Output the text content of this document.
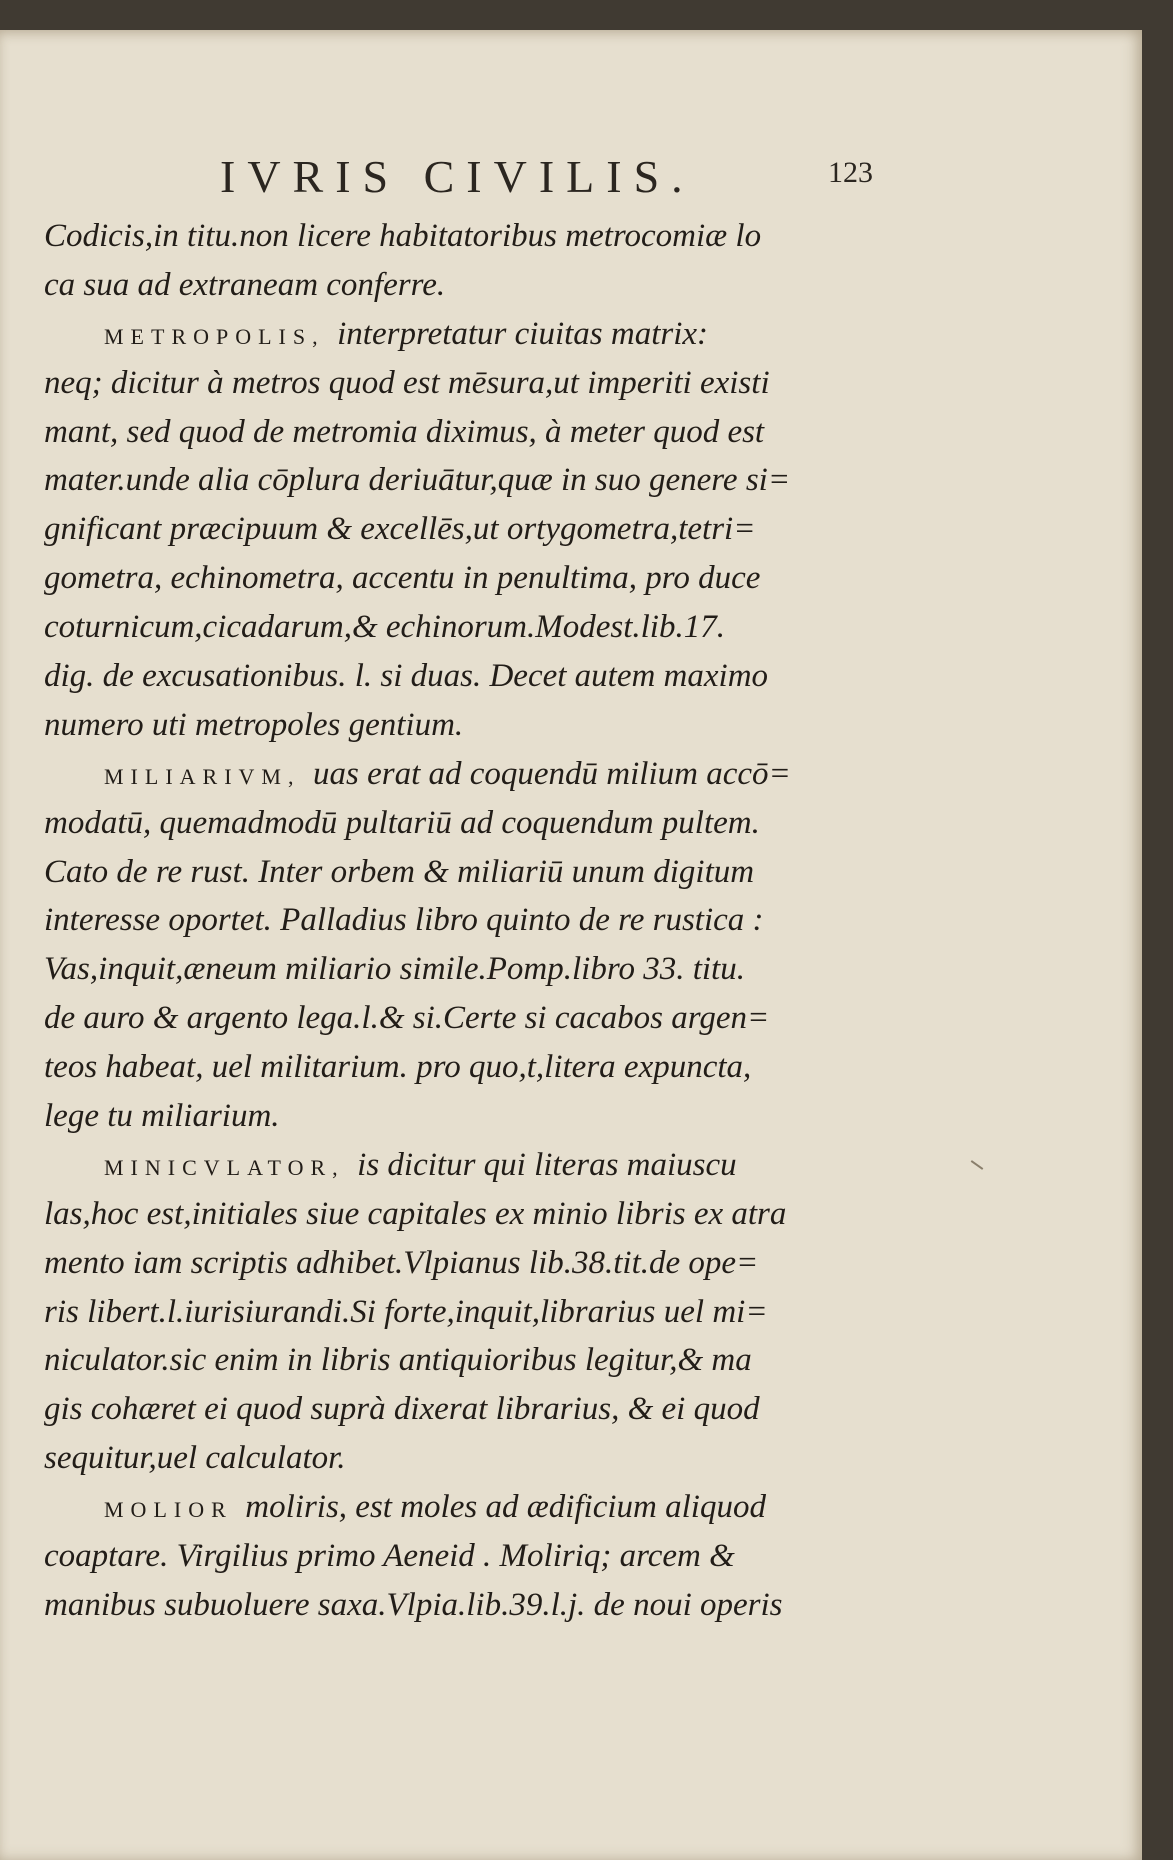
IVRIS CIVILIS.	123
Codicis,in titu.non licere habitatoribus metrocomiæ lo
ca sua ad extraneam conferre.
METROPOLIS, interpretatur ciuitas matrix:
neq; dicitur à metros quod est mēsura,ut imperiti existi
mant, sed quod de metromia diximus, à meter quod est
mater.unde alia cōplura deriuātur,quæ in suo genere si=
gnificant præcipuum & excellēs,ut ortygometra,tetri=
gometra, echinometra, accentu in penultima, pro duce
coturnicum,cicadarum,& echinorum.Modest.lib.17.
dig. de excusationibus. l. si duas. Decet autem maximo
numero uti metropoles gentium.
MILIARIVM, uas erat ad coquendū milium accō=
modatū, quemadmodū pultariū ad coquendum pultem.
Cato de re rust. Inter orbem & miliariū unum digitum
interesse oportet. Palladius libro quinto de re rustica :
Vas,inquit,æneum miliario simile.Pomp.libro 33. titu.
de auro & argento lega.l.& si.Certe si cacabos argen=
teos habeat, uel militarium. pro quo,t,litera expuncta,
lege tu miliarium.
MINICVLATOR, is dicitur qui literas maiuscu
las,hoc est,initiales siue capitales ex minio libris ex atra
mento iam scriptis adhibet.Vlpianus lib.38.tit.de ope=
ris libert.l.iurisiurandi.Si forte,inquit,librarius uel mi=
niculator.sic enim in libris antiquioribus legitur,& ma
gis cohæret ei quod suprà dixerat librarius, & ei quod
sequitur,uel calculator.
MOLIOR moliris, est moles ad ædificium aliquod
coaptare. Virgilius primo Aeneid . Moliriq; arcem &
manibus subuoluere saxa.Vlpia.lib.39.l.j. de noui operis
